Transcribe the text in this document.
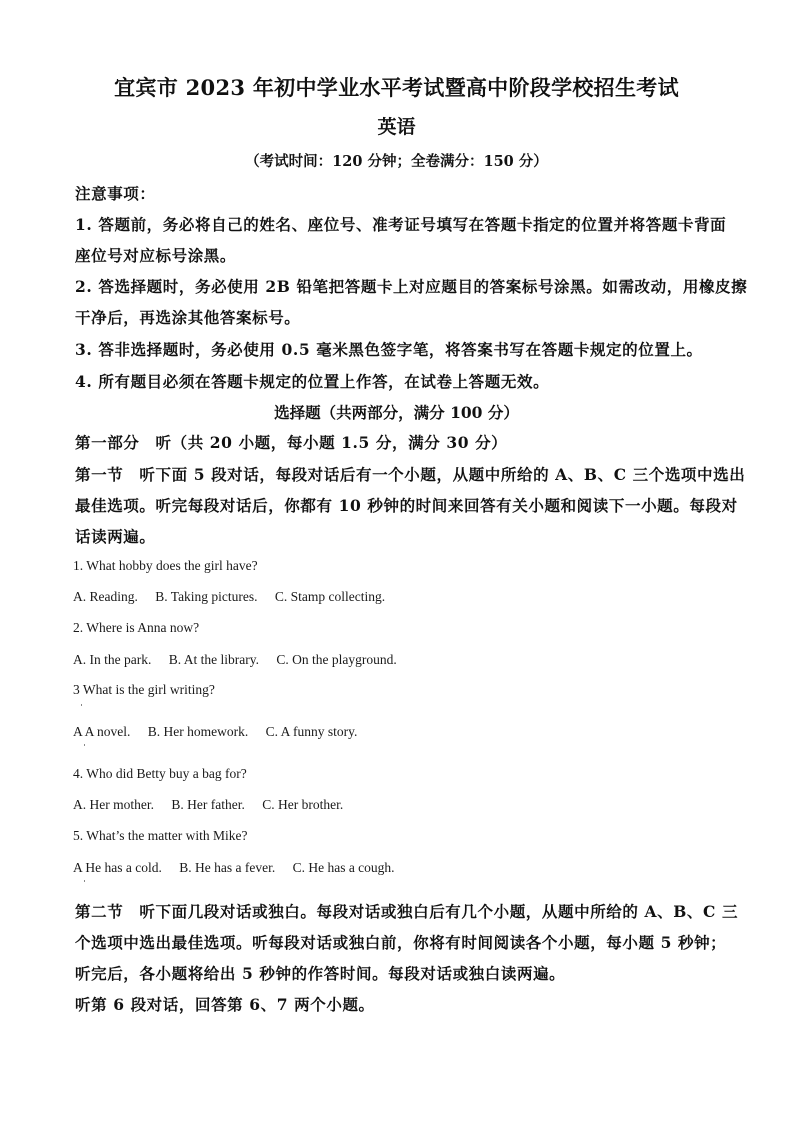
宜宾市 2023 年初中学业水平考试暨高中阶段学校招生考试
英语
（考试时间：120 分钟；全卷满分：150 分）
注意事项：
1. 答题前，务必将自己的姓名、座位号、准考证号填写在答题卡指定的位置并将答题卡背面
座位号对应标号涂黑。
2. 答选择题时，务必使用 2B 铅笔把答题卡上对应题目的答案标号涂黑。如需改动，用橡皮擦
干净后，再选涂其他答案标号。
3. 答非选择题时，务必使用 0.5 毫米黑色签字笔，将答案书写在答题卡规定的位置上。
4. 所有题目必须在答题卡规定的位置上作答，在试卷上答题无效。
选择题（共两部分，满分 100 分）
第一部分　听（共 20 小题，每小题 1.5 分，满分 30 分）
第一节　听下面 5 段对话，每段对话后有一个小题，从题中所给的 A、B、C 三个选项中选出
最佳选项。听完每段对话后，你都有 10 秒钟的时间来回答有关小题和阅读下一小题。每段对
话读两遍。
1. What hobby does the girl have?
A. Reading. B. Taking pictures. C. Stamp collecting.
2. Where is Anna now?
A. In the park. B. At the library. C. On the playground.
3 What is the girl writing?
A A novel. B. Her homework. C. A funny story.
4. Who did Betty buy a bag for?
A. Her mother. B. Her father. C. Her brother.
5. What’s the matter with Mike?
A He has a cold. B. He has a fever. C. He has a cough.
第二节　听下面几段对话或独白。每段对话或独白后有几个小题，从题中所给的 A、B、C 三
个选项中选出最佳选项。听每段对话或独白前，你将有时间阅读各个小题，每小题 5 秒钟；
听完后，各小题将给出 5 秒钟的作答时间。每段对话或独白读两遍。
听第 6 段对话，回答第 6、7 两个小题。
